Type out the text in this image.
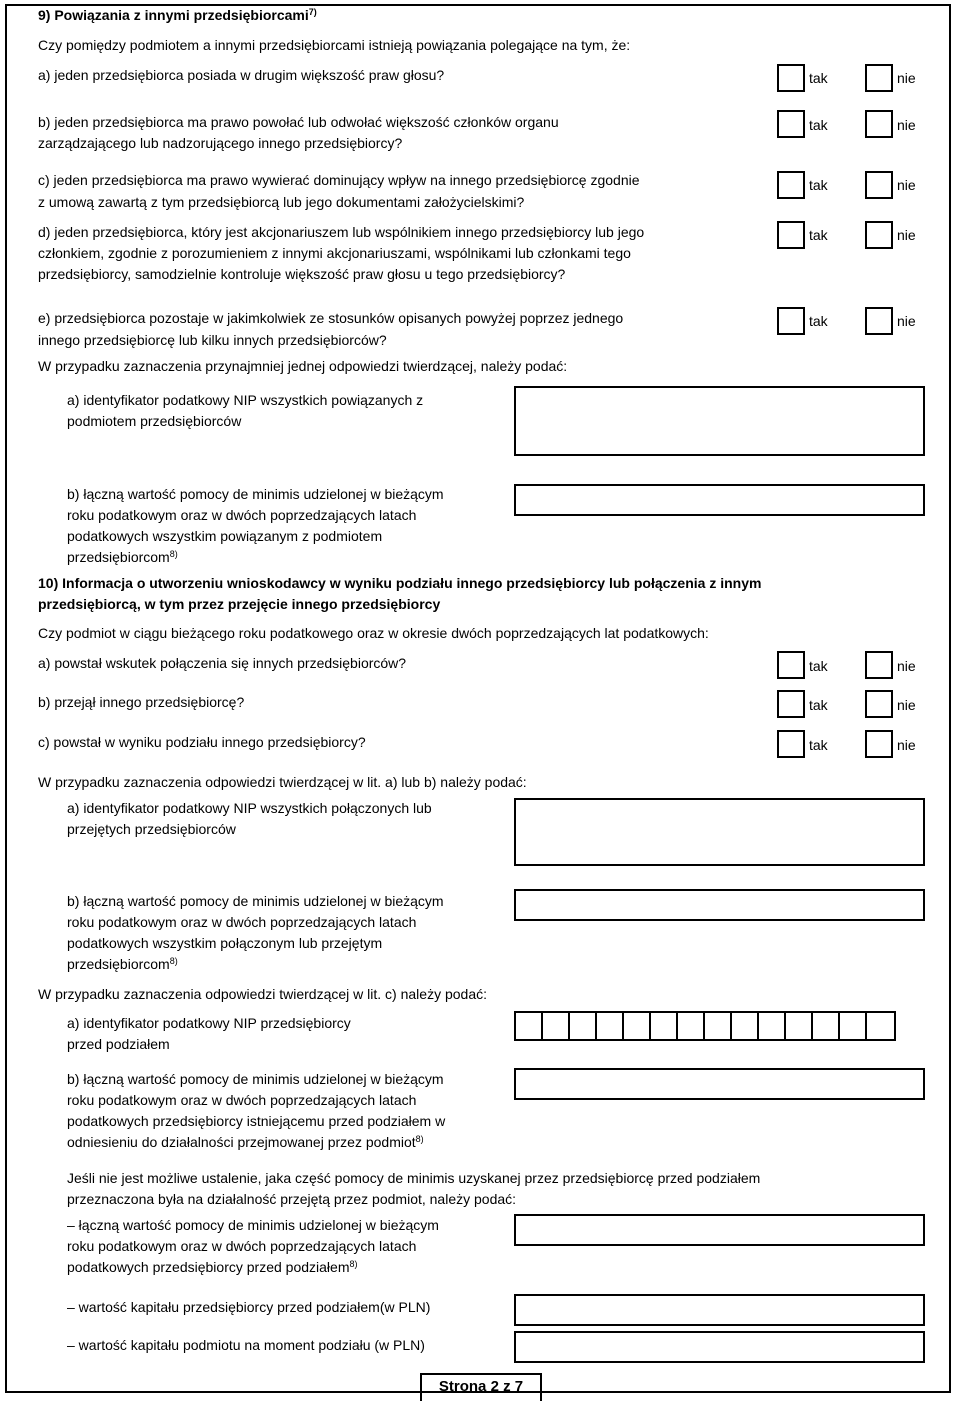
9) Powiązania z innymi przedsiębiorcami$^{7)}$
Czy pomiędzy podmiotem a innymi przedsiębiorcami istnieją powiązania polegające na tym, że:
a) jeden przedsiębiorca posiada w drugim większość praw głosu?	tak	nie
b) jeden przedsiębiorca ma prawo powołać lub odwołać większość członków organu
zarządzającego lub nadzorującego innego przedsiębiorcy?
tak	nie
c) jeden przedsiębiorca ma prawo wywierać dominujący wpływ na innego przedsiębiorcę zgodnie
z umową zawartą z tym przedsiębiorcą lub jego dokumentami założycielskimi?
tak	nie
d) jeden przedsiębiorca, który jest akcjonariuszem lub wspólnikiem innego przedsiębiorcy lub jego
członkiem, zgodnie z porozumieniem z innymi akcjonariuszami, wspólnikami lub członkami tego
przedsiębiorcy, samodzielnie kontroluje większość praw głosu u tego przedsiębiorcy?
tak	nie
e) przedsiębiorca pozostaje w jakimkolwiek ze stosunków opisanych powyżej poprzez jednego
innego przedsiębiorcę lub kilku innych przedsiębiorców?
tak	nie
W przypadku zaznaczenia przynajmniej jednej odpowiedzi twierdzącej, należy podać:
a) identyfikator podatkowy NIP wszystkich powiązanych z
podmiotem przedsiębiorców
b) łączną wartość pomocy de minimis udzielonej w bieżącym
roku podatkowym oraz w dwóch poprzedzających latach
podatkowych wszystkim powiązanym z podmiotem
przedsiębiorcom$^{8)}$
10) Informacja o utworzeniu wnioskodawcy w wyniku podziału innego przedsiębiorcy lub połączenia z innym
przedsiębiorcą, w tym przez przejęcie innego przedsiębiorcy
Czy podmiot w ciągu bieżącego roku podatkowego oraz w okresie dwóch poprzedzających lat podatkowych:
a) powstał wskutek połączenia się innych przedsiębiorców?	tak	nie
b) przejął innego przedsiębiorcę?	tak	nie
c) powstał w wyniku podziału innego przedsiębiorcy?	tak	nie
W przypadku zaznaczenia odpowiedzi twierdzącej w lit. a) lub b) należy podać:
a) identyfikator podatkowy NIP wszystkich połączonych lub
przejętych przedsiębiorców
b) łączną wartość pomocy de minimis udzielonej w bieżącym
roku podatkowym oraz w dwóch poprzedzających latach
podatkowych wszystkim połączonym lub przejętym
przedsiębiorcom$^{8)}$
W przypadku zaznaczenia odpowiedzi twierdzącej w lit. c) należy podać:
a) identyfikator podatkowy NIP przedsiębiorcy
przed podziałem
b) łączną wartość pomocy de minimis udzielonej w bieżącym
roku podatkowym oraz w dwóch poprzedzających latach
podatkowych przedsiębiorcy istniejącemu przed podziałem w
odniesieniu do działalności przejmowanej przez podmiot$^{8)}$
Jeśli nie jest możliwe ustalenie, jaka część pomocy de minimis uzyskanej przez przedsiębiorcę przed podziałem
przeznaczona była na działalność przejętą przez podmiot, należy podać:
– łączną wartość pomocy de minimis udzielonej w bieżącym
roku podatkowym oraz w dwóch poprzedzających latach
podatkowych przedsiębiorcy przed podziałem$^{8)}$
– wartość kapitału przedsiębiorcy przed podziałem(w PLN)
– wartość kapitału podmiotu na moment podziału (w PLN)
Strona 2 z 7
